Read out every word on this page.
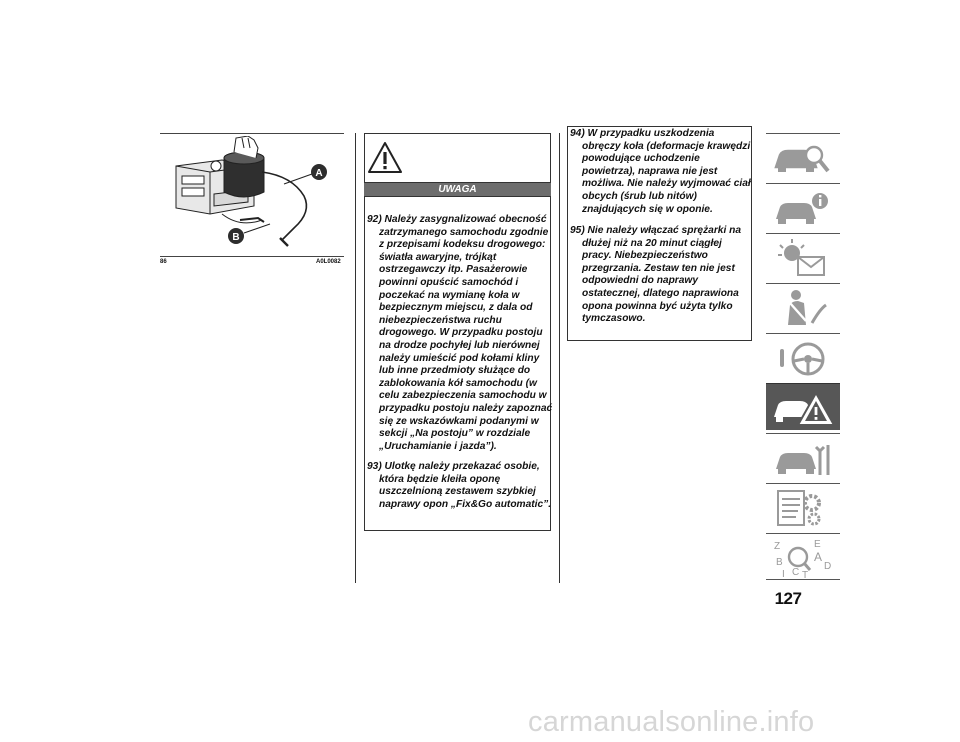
A
B
86	A0L0082
UWAGA
92) Należy zasygnalizować obecność zatrzymanego samochodu zgodnie z przepisami kodeksu drogowego: światła awaryjne, trójkąt ostrzegawczy itp. Pasażerowie powinni opuścić samochód i poczekać na wymianę koła w bezpiecznym miejscu, z dala od niebezpieczeństwa ruchu drogowego. W przypadku postoju na drodze pochyłej lub nierównej należy umieścić pod kołami kliny lub inne przedmioty służące do zablokowania kół samochodu (w celu zabezpieczenia samochodu w przypadku postoju należy zapoznać się ze wskazówkami podanymi w sekcji „Na postoju” w rozdziale „Uruchamianie i jazda”).
93) Ulotkę należy przekazać osobie, która będzie kleiła oponę uszczelnioną zestawem szybkiej naprawy opon „Fix&Go automatic”.
94) W przypadku uszkodzenia obręczy koła (deformacje krawędzi powodujące uchodzenie powietrza), naprawa nie jest możliwa. Nie należy wyjmować ciał obcych (śrub lub nitów) znajdujących się w oponie.
95) Nie należy włączać sprężarki na dłużej niż na 20 minut ciągłej pracy. Niebezpieczeństwo przegrzania. Zestaw ten nie jest odpowiedni do naprawy ostatecznej, dlatego naprawiona opona powinna być użyta tylko tymczasowo.
Z	E
B	A
D
I C T
127
carmanualsonline.info
